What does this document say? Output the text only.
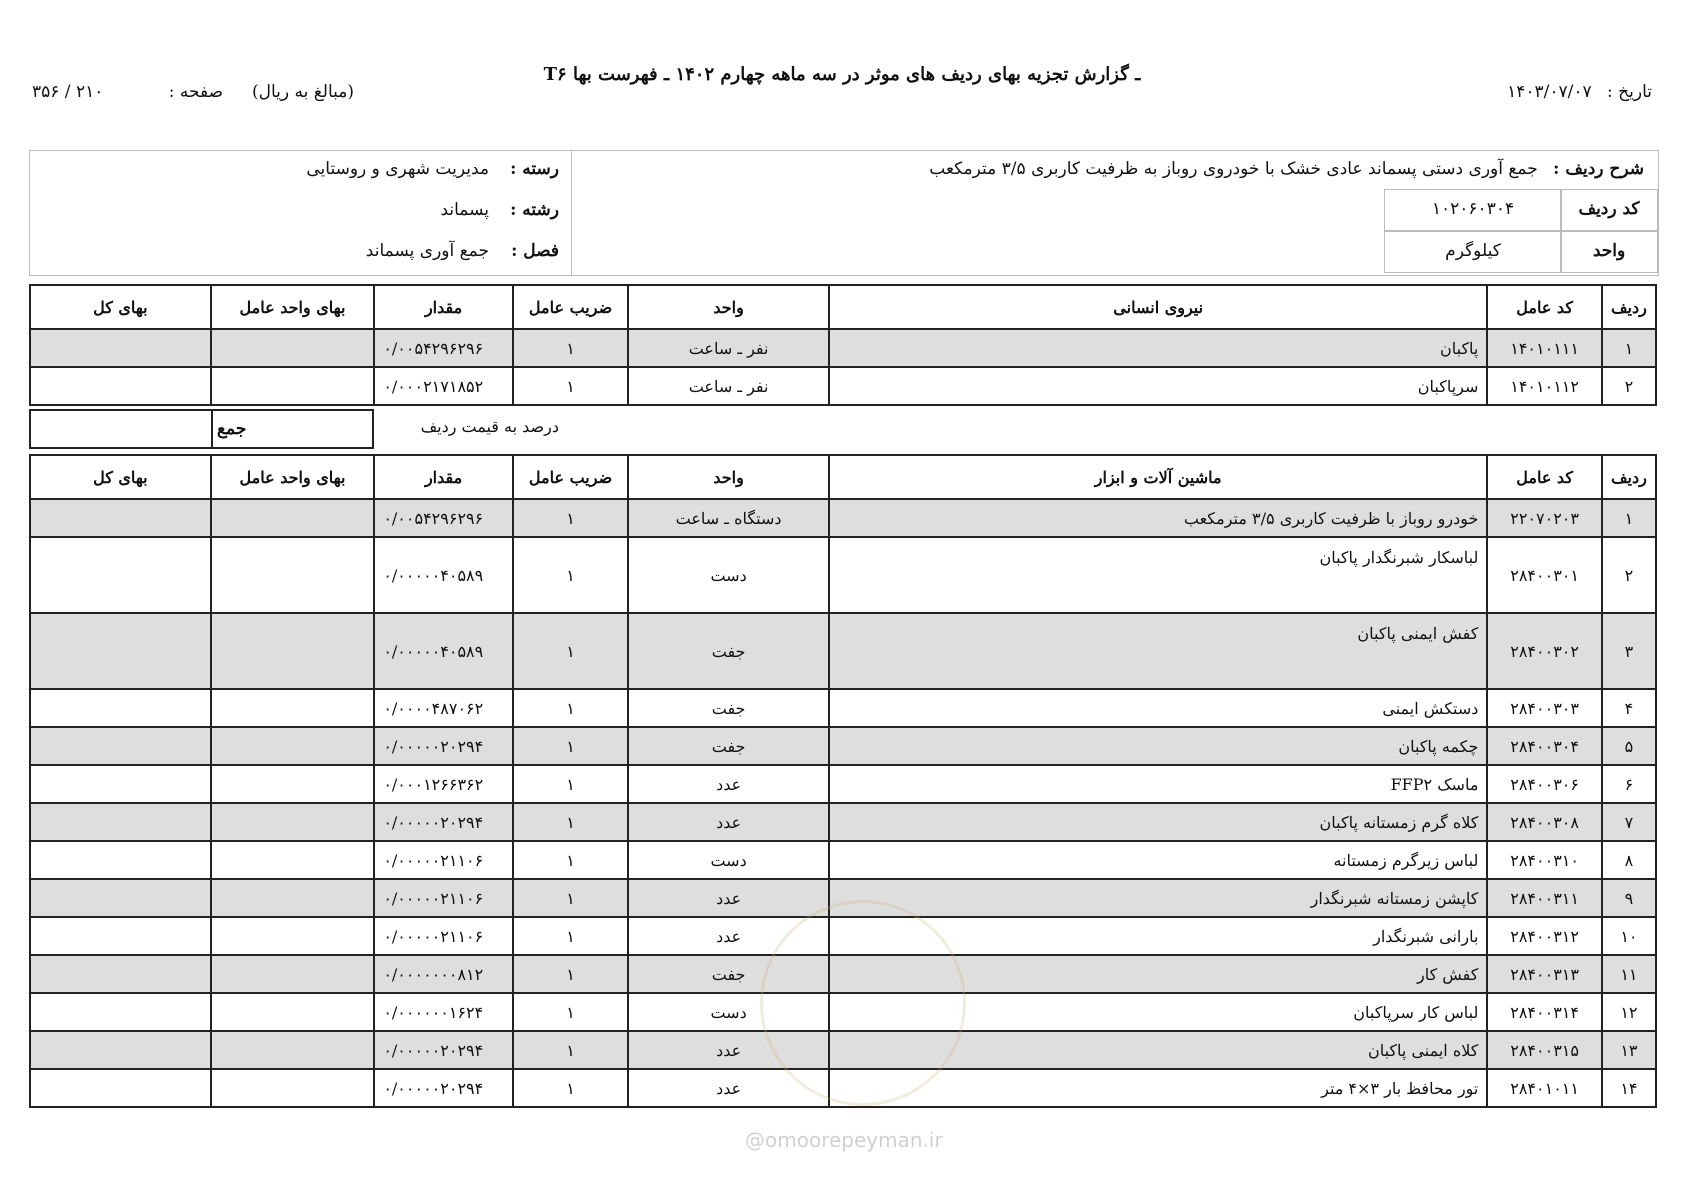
T۶ ـ گزارش تجزیه بهای ردیف های موثر در سه ماهه چهارم ۱۴۰۲ ـ فهرست بها
تاریخ : ۱۴۰۳/۰۷/۰۷
(مبالغ به ریال)
صفحه : ۲۱۰ / ۳۵۶
شرح ردیف : جمع آوری دستی پسماند عادی خشک با خودروی روباز به ظرفیت کاربری ۳/۵ مترمکعب
کد ردیف
۱۰۲۰۶۰۳۰۴
واحد
کیلوگرم
رسته :
مدیریت شهری و روستایی
رشته :
پسماند
فصل :
جمع آوری پسماند
ردیف	کد عامل	نیروی انسانی	واحد	ضریب عامل	مقدار	بهای واحد عامل	بهای کل
۱	۱۴۰۱۰۱۱۱	پاکبان	نفر ـ ساعت	۱	۰/۰۰۵۴۲۹۶۲۹۶		
۲	۱۴۰۱۰۱۱۲	سرپاکبان	نفر ـ ساعت	۱	۰/۰۰۰۲۱۷۱۸۵۲		
جمع	درصد به قیمت ردیف
ردیف	کد عامل	ماشین آلات و ابزار	واحد	ضریب عامل	مقدار	بهای واحد عامل	بهای کل
۱	۲۲۰۷۰۲۰۳	خودرو روباز با ظرفیت کاربری ۳/۵ مترمکعب	دستگاه ـ ساعت	۱	۰/۰۰۵۴۲۹۶۲۹۶		
۲	۲۸۴۰۰۳۰۱	لباسکار شبرنگدار پاکبان	دست	۱	۰/۰۰۰۰۰۴۰۵۸۹		
۳	۲۸۴۰۰۳۰۲	کفش ایمنی پاکبان	جفت	۱	۰/۰۰۰۰۰۴۰۵۸۹		
۴	۲۸۴۰۰۳۰۳	دستکش ایمنی	جفت	۱	۰/۰۰۰۰۴۸۷۰۶۲		
۵	۲۸۴۰۰۳۰۴	چکمه پاکبان	جفت	۱	۰/۰۰۰۰۰۲۰۲۹۴		
۶	۲۸۴۰۰۳۰۶	ماسک FFP۲	عدد	۱	۰/۰۰۰۱۲۶۶۳۶۲		
۷	۲۸۴۰۰۳۰۸	کلاه گرم زمستانه پاکبان	عدد	۱	۰/۰۰۰۰۰۲۰۲۹۴		
۸	۲۸۴۰۰۳۱۰	لباس زیرگرم زمستانه	دست	۱	۰/۰۰۰۰۰۲۱۱۰۶		
۹	۲۸۴۰۰۳۱۱	کاپشن زمستانه شبرنگدار	عدد	۱	۰/۰۰۰۰۰۲۱۱۰۶		
۱۰	۲۸۴۰۰۳۱۲	بارانی شبرنگدار	عدد	۱	۰/۰۰۰۰۰۲۱۱۰۶		
۱۱	۲۸۴۰۰۳۱۳	کفش کار	جفت	۱	۰/۰۰۰۰۰۰۰۸۱۲		
۱۲	۲۸۴۰۰۳۱۴	لباس کار سرپاکبان	دست	۱	۰/۰۰۰۰۰۰۱۶۲۴		
۱۳	۲۸۴۰۰۳۱۵	کلاه ایمنی پاکبان	عدد	۱	۰/۰۰۰۰۰۲۰۲۹۴		
۱۴	۲۸۴۰۱۰۱۱	تور محافظ بار ۳×۴ متر	عدد	۱	۰/۰۰۰۰۰۲۰۲۹۴		
@omoorepeyman.ir
